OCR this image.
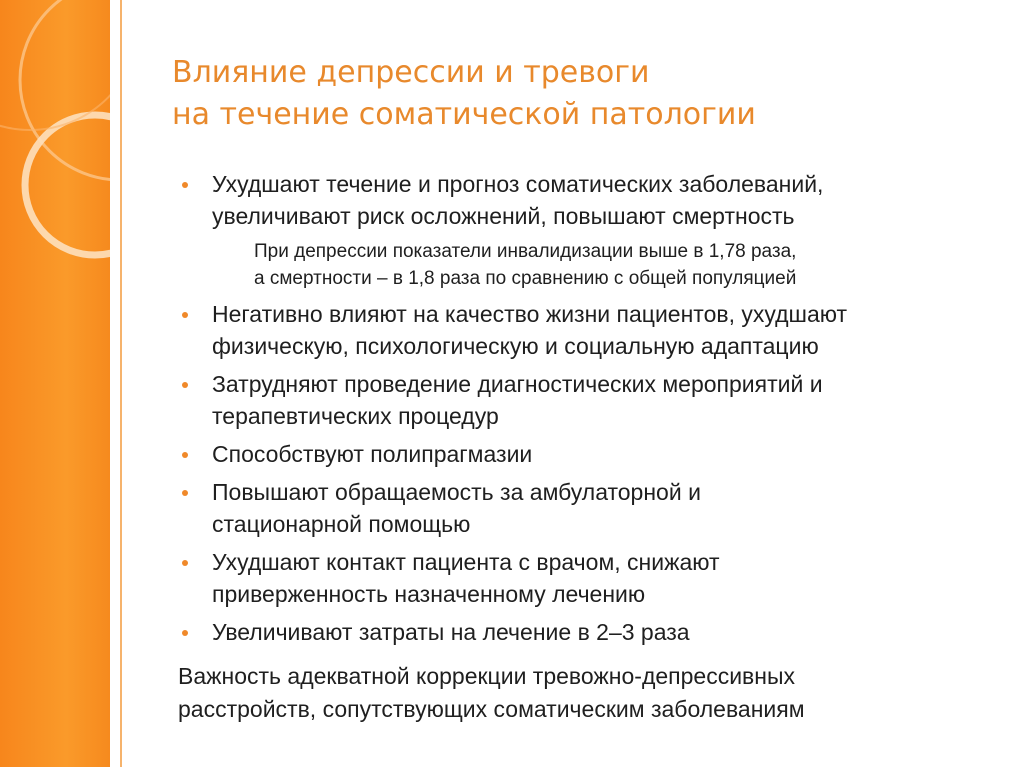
Влияние депрессии и тревоги
на течение соматической патологии
Ухудшают течение и прогноз соматических заболеваний,
увеличивают риск осложнений, повышают смертность
При депрессии показатели инвалидизации выше в 1,78 раза,
а смертности – в 1,8 раза по сравнению с общей популяцией
Негативно влияют на качество жизни пациентов, ухудшают
физическую, психологическую и социальную адаптацию
Затрудняют проведение диагностических мероприятий и
терапевтических процедур
Способствуют полипрагмазии
Повышают обращаемость за амбулаторной и
стационарной помощью
Ухудшают контакт пациента с врачом, снижают
приверженность назначенному лечению
Увеличивают затраты на лечение в 2–3 раза
Важность адекватной коррекции тревожно-депрессивных
расстройств, сопутствующих соматическим заболеваниям
